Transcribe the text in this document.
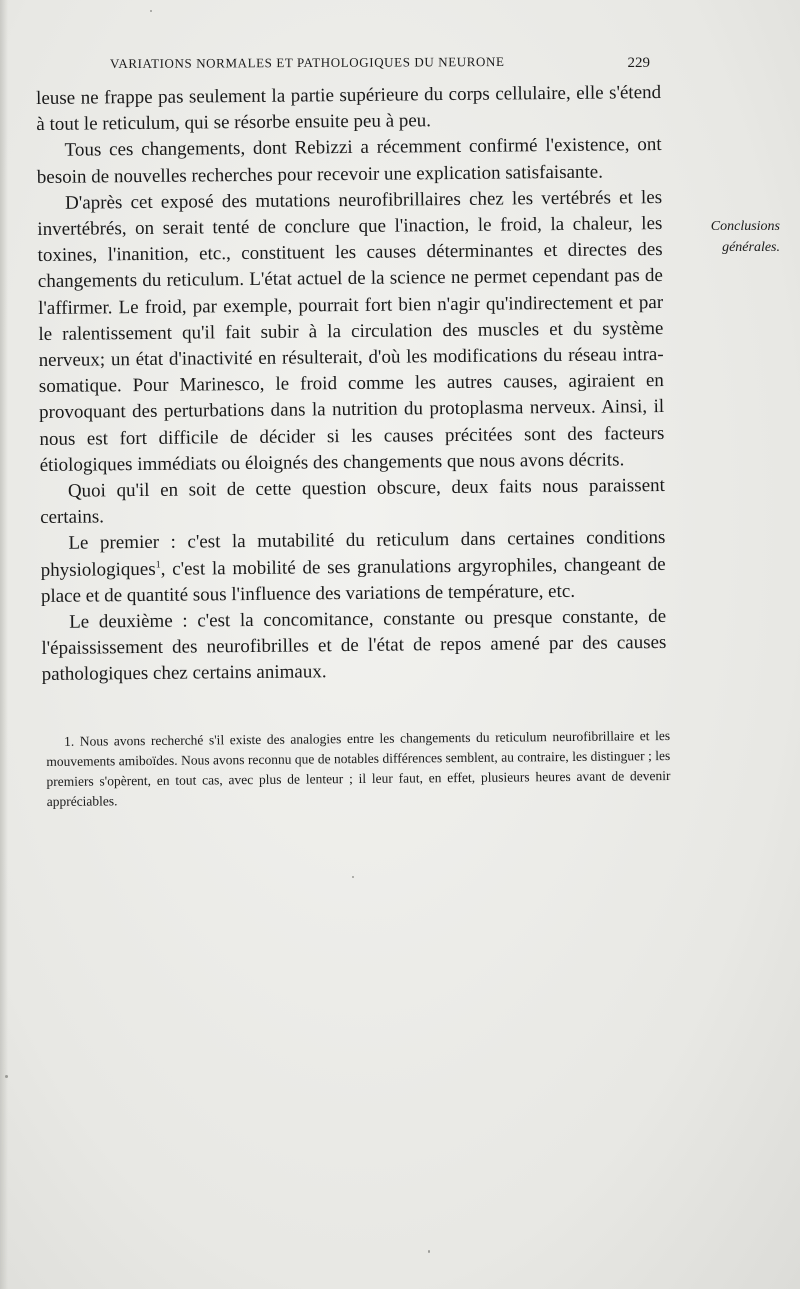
VARIATIONS NORMALES ET PATHOLOGIQUES DU NEURONE	229

leuse ne frappe pas seulement la partie supérieure du corps cellulaire, elle s'étend à tout le reticulum, qui se résorbe ensuite peu à peu.

Tous ces changements, dont Rebizzi a récemment confirmé l'existence, ont besoin de nouvelles recherches pour recevoir une explication satisfaisante.

D'après cet exposé des mutations neurofibrillaires chez les vertébrés et les invertébrés, on serait tenté de conclure que l'inaction, le froid, la chaleur, les toxines, l'inanition, etc., constituent les causes déterminantes et directes des changements du reticulum. L'état actuel de la science ne permet cependant pas de l'affirmer. Le froid, par exemple, pourrait fort bien n'agir qu'indirectement et par le ralentissement qu'il fait subir à la circulation des muscles et du système nerveux; un état d'inactivité en résulterait, d'où les modifications du réseau intra-somatique. Pour Marinesco, le froid comme les autres causes, agiraient en provoquant des perturbations dans la nutrition du protoplasma nerveux. Ainsi, il nous est fort difficile de décider si les causes précitées sont des facteurs étiologiques immédiats ou éloignés des changements que nous avons décrits.

Quoi qu'il en soit de cette question obscure, deux faits nous paraissent certains.

Le premier : c'est la mutabilité du reticulum dans certaines conditions physiologiques$^1$, c'est la mobilité de ses granulations argyrophiles, changeant de place et de quantité sous l'influence des variations de température, etc.

Le deuxième : c'est la concomitance, constante ou presque constante, de l'épaississement des neurofibrilles et de l'état de repos amené par des causes pathologiques chez certains animaux.

Conclusions
générales.

1. Nous avons recherché s'il existe des analogies entre les changements du reticulum neurofibrillaire et les mouvements amiboïdes. Nous avons reconnu que de notables différences semblent, au contraire, les distinguer ; les premiers s'opèrent, en tout cas, avec plus de lenteur ; il leur faut, en effet, plusieurs heures avant de devenir appréciables.
